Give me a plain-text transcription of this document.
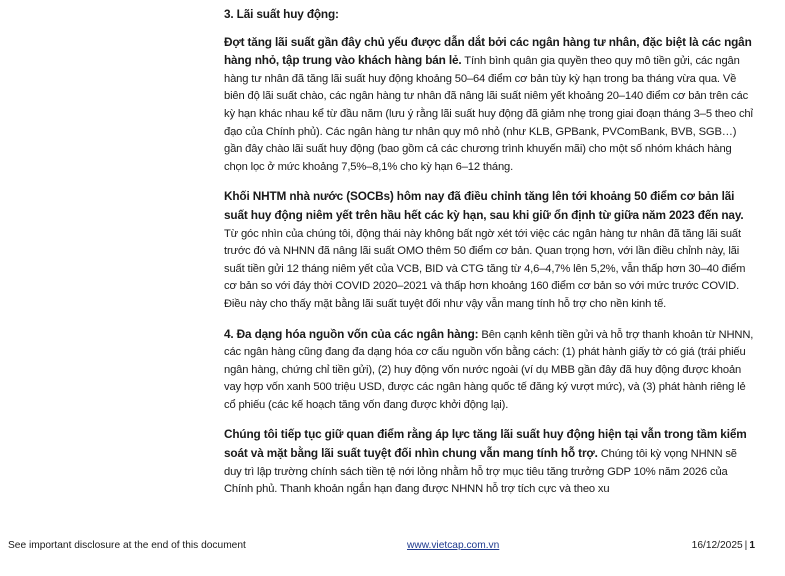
3. Lãi suất huy động:

Đợt tăng lãi suất gần đây chủ yếu được dẫn dắt bởi các ngân hàng tư nhân, đặc biệt là các ngân hàng nhỏ, tập trung vào khách hàng bán lẻ. Tính bình quân gia quyền theo quy mô tiền gửi, các ngân hàng tư nhân đã tăng lãi suất huy động khoảng 50–64 điểm cơ bản tùy kỳ hạn trong ba tháng vừa qua. Về biên độ lãi suất chào, các ngân hàng tư nhân đã nâng lãi suất niêm yết khoảng 20–140 điểm cơ bản trên các kỳ hạn khác nhau kể từ đầu năm (lưu ý rằng lãi suất huy động đã giảm nhẹ trong giai đoạn tháng 3–5 theo chỉ đạo của Chính phủ). Các ngân hàng tư nhân quy mô nhỏ (như KLB, GPBank, PVComBank, BVB, SGB…) gần đây chào lãi suất huy động (bao gồm cả các chương trình khuyến mãi) cho một số nhóm khách hàng chọn lọc ở mức khoảng 7,5%–8,1% cho kỳ hạn 6–12 tháng.

Khối NHTM nhà nước (SOCBs) hôm nay đã điều chỉnh tăng lên tới khoảng 50 điểm cơ bản lãi suất huy động niêm yết trên hầu hết các kỳ hạn, sau khi giữ ổn định từ giữa năm 2023 đến nay. Từ góc nhìn của chúng tôi, động thái này không bất ngờ xét tới việc các ngân hàng tư nhân đã tăng lãi suất trước đó và NHNN đã nâng lãi suất OMO thêm 50 điểm cơ bản. Quan trọng hơn, với lần điều chỉnh này, lãi suất tiền gửi 12 tháng niêm yết của VCB, BID và CTG tăng từ 4,6–4,7% lên 5,2%, vẫn thấp hơn 30–40 điểm cơ bản so với đáy thời COVID 2020–2021 và thấp hơn khoảng 160 điểm cơ bản so với mức trước COVID. Điều này cho thấy mặt bằng lãi suất tuyệt đối như vậy vẫn mang tính hỗ trợ cho nền kinh tế.

4. Đa dạng hóa nguồn vốn của các ngân hàng: Bên cạnh kênh tiền gửi và hỗ trợ thanh khoản từ NHNN, các ngân hàng cũng đang đa dạng hóa cơ cấu nguồn vốn bằng cách: (1) phát hành giấy tờ có giá (trái phiếu ngân hàng, chứng chỉ tiền gửi), (2) huy động vốn nước ngoài (ví dụ MBB gần đây đã huy động được khoản vay hợp vốn xanh 500 triệu USD, được các ngân hàng quốc tế đăng ký vượt mức), và (3) phát hành riêng lẻ cổ phiếu (các kế hoạch tăng vốn đang được khởi động lại).

Chúng tôi tiếp tục giữ quan điểm rằng áp lực tăng lãi suất huy động hiện tại vẫn trong tầm kiểm soát và mặt bằng lãi suất tuyệt đối nhìn chung vẫn mang tính hỗ trợ. Chúng tôi kỳ vọng NHNN sẽ duy trì lập trường chính sách tiền tệ nới lỏng nhằm hỗ trợ mục tiêu tăng trưởng GDP 10% năm 2026 của Chính phủ. Thanh khoản ngắn hạn đang được NHNN hỗ trợ tích cực và theo xu

See important disclosure at the end of this document	www.vietcap.com.vn	16/12/2025 | 1
